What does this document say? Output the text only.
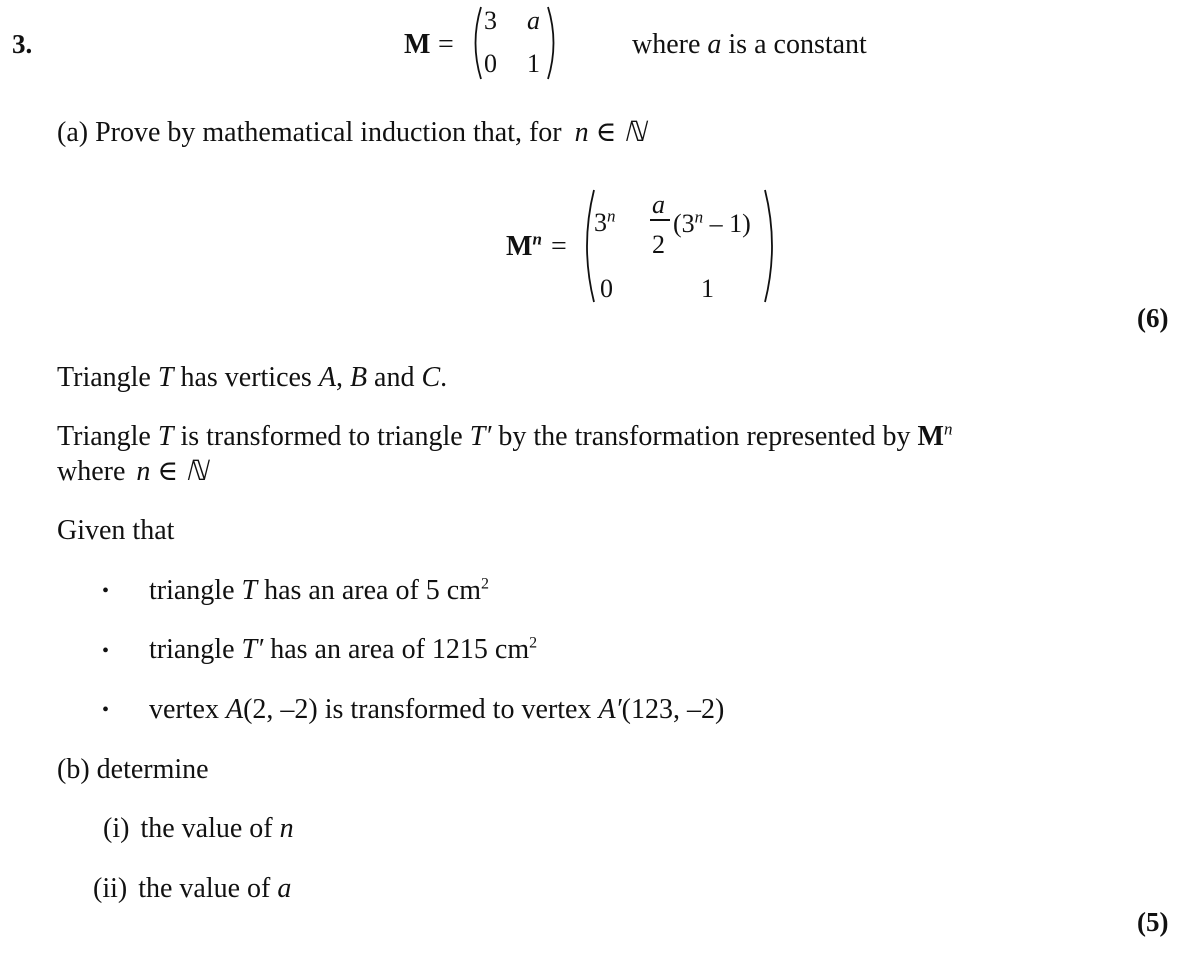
3.	M =
3 a
0 1
where a is a constant
(a) Prove by mathematical induction that, for n ∈ ℕ
$M^n$ =
$3^n$ a
2
(3$^n$ – 1)
0	1
(6)
Triangle T has vertices A, B and C.
Triangle T is transformed to triangle T′ by the transformation represented by $M^n$
where n ∈ ℕ
Given that
• triangle T has an area of 5 $cm^2$
• triangle T′ has an area of 1215 $cm^2$
• vertex A(2, –2) is transformed to vertex A′(123, –2)
(b) determine
(i) the value of n
(ii) the value of a
(5)
